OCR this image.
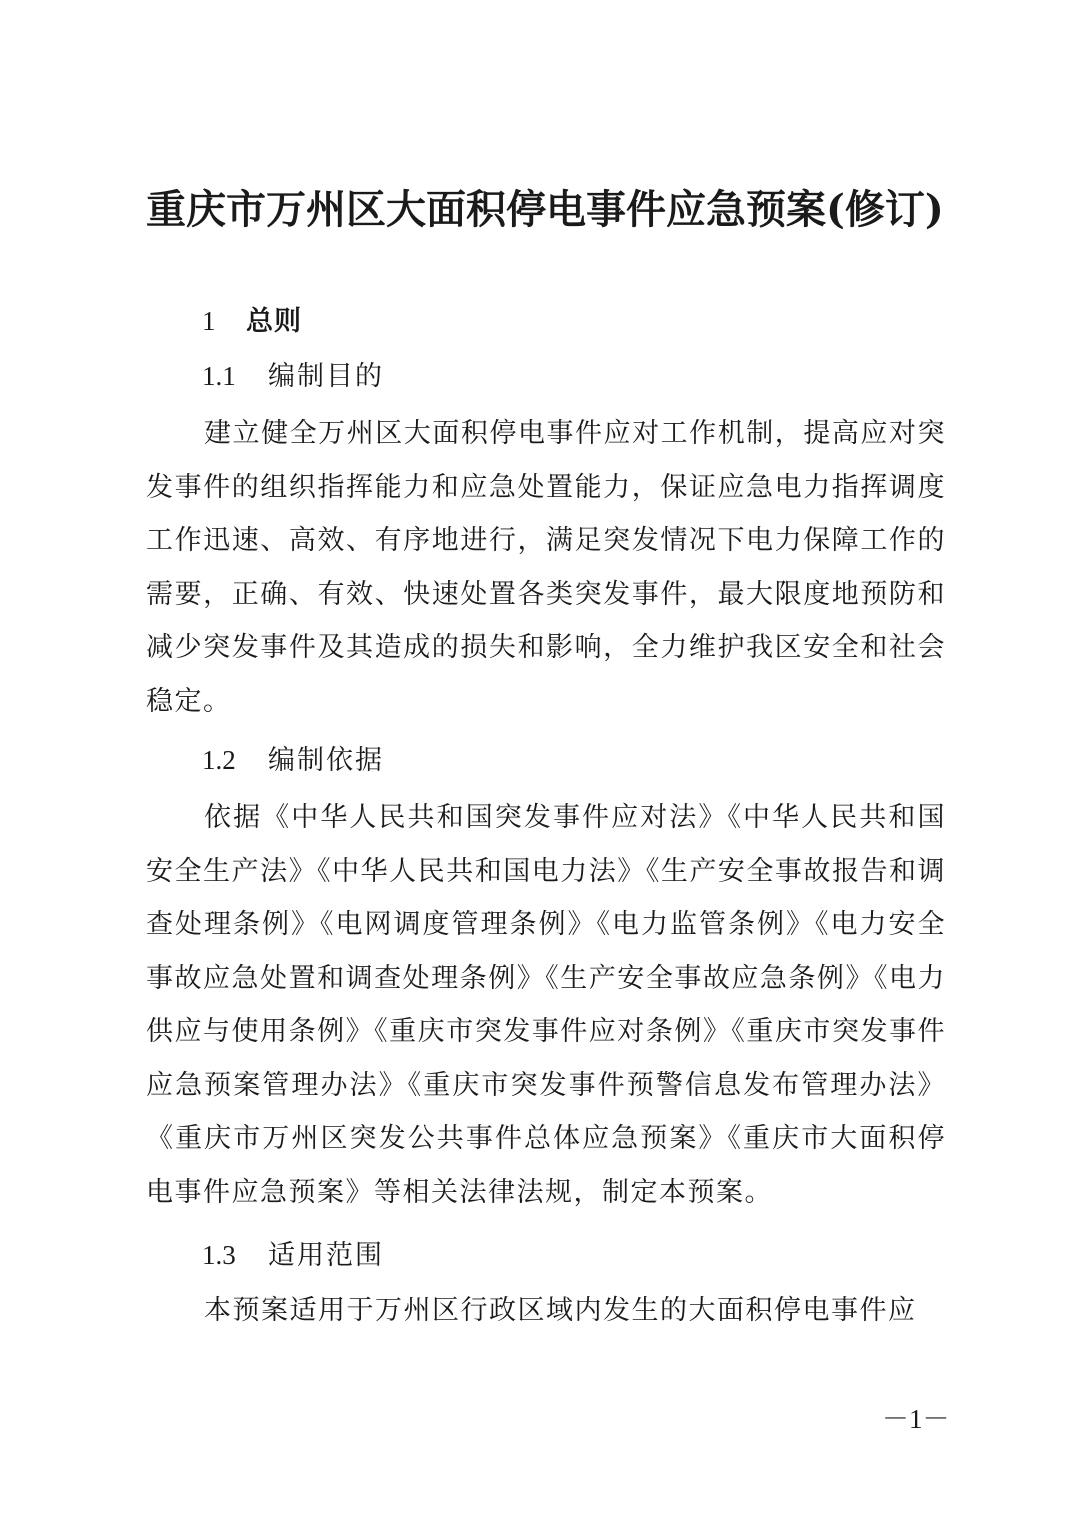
重庆市万州区大面积停电事件应急预案(修订)
1 总则
1.1 编制目的

建立健全万州区大面积停电事件应对工作机制，提高应对突发事件的组织指挥能力和应急处置能力，保证应急电力指挥调度工作迅速、高效、有序地进行，满足突发情况下电力保障工作的需要，正确、有效、快速处置各类突发事件，最大限度地预防和减少突发事件及其造成的损失和影响，全力维护我区安全和社会稳定。

1.2 编制依据

依据《中华人民共和国突发事件应对法》《中华人民共和国安全生产法》《中华人民共和国电力法》《生产安全事故报告和调查处理条例》《电网调度管理条例》《电力监管条例》《电力安全事故应急处置和调查处理条例》《生产安全事故应急条例》《电力供应与使用条例》《重庆市突发事件应对条例》《重庆市突发事件应急预案管理办法》《重庆市突发事件预警信息发布管理办法》《重庆市万州区突发公共事件总体应急预案》《重庆市大面积停电事件应急预案》等相关法律法规，制定本预案。

1.3 适用范围

本预案适用于万州区行政区域内发生的大面积停电事件应

－1－
